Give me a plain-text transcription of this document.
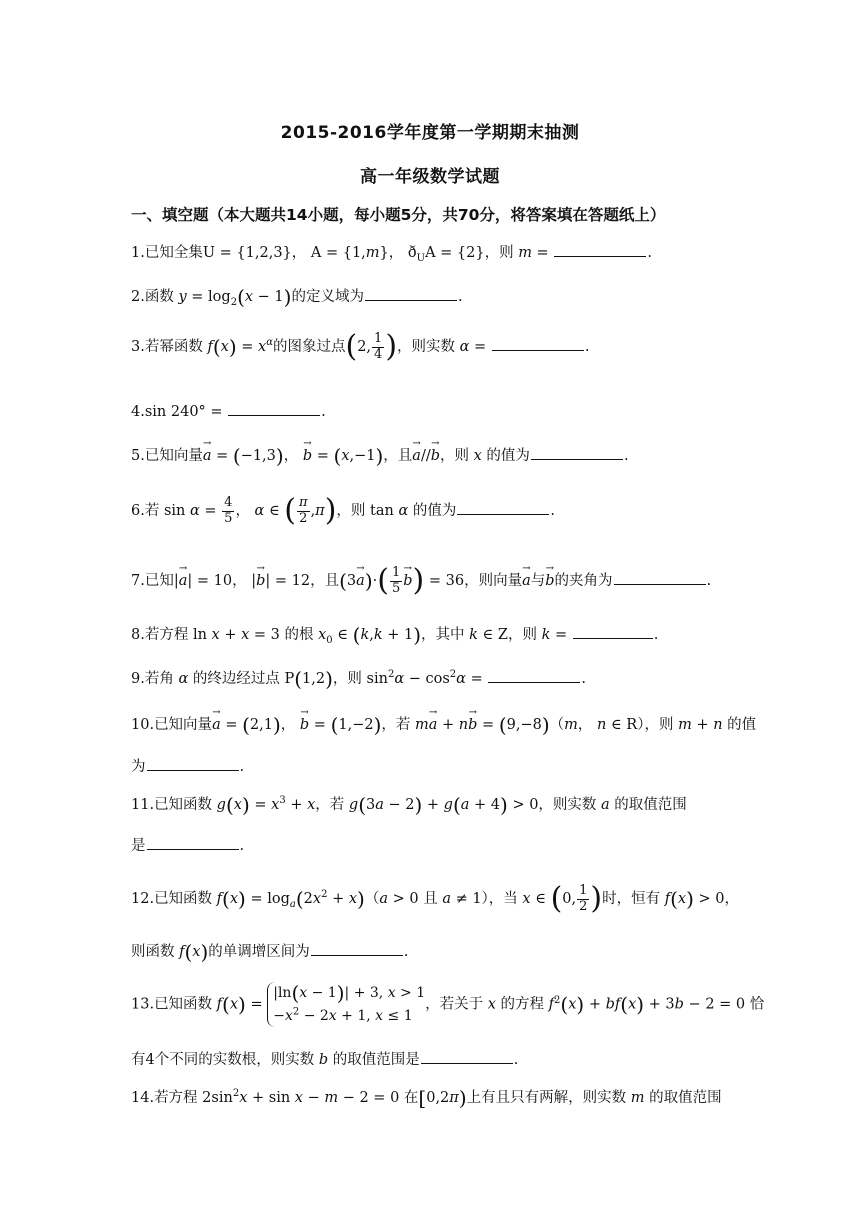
2015-2016学年度第一学期期末抽测
高一年级数学试题
一、填空题（本大题共14小题，每小题5分，共70分，将答案填在答题纸上）
1.已知全集U = {1,2,3}， A = {1,m}， $ð_UA = \{2\}$，则 m =	.
2.函数 $y = \log_2(x - 1)$的定义域为	.
3.若幂函数 $f(x) = x^\alpha$的图象过点(2, $\frac{1}{4}$ )，则实数 α =	.
4.sin 240° =	.
5.已知向量→ a = (−1,3)， → b = (x,−1)，且→ a//→ b，则 x 的值为	.
6.若 $\sin \alpha = \frac{4}{5}$ ， α ∈ ( $\frac{\pi}{2} ,\pi$)，则 tan α 的值为	.
7.已知|→ a| = 10， |→ b| = 12，且$(3\to a)\cdot( \frac{1}{5}$
→ b) = 36，则向量→ a与→ b的夹角为	.
8.若方程 ln x + x = 3 的根 $x_0$ ∈ (k,k + 1)，其中 k ∈ Z，则 k =	.
9.若角 α 的终边经过点 P(1,2)，则 $\sin^2\alpha - \cos^2\alpha$ =	.
10.已知向量→ a = (2,1)， → b = (1,−2)，若 m→ a + n→ b = (9,−8)（m， n ∈ R），则 m + n 的值
为	.
11.已知函数 $g(x) = x^3 + x$，若 g(3a − 2) + g(a + 4) > 0，则实数 a 的取值范围
是	.
12.已知函数 $f(x) = \log_a(2x^2 + x)(a > 0$ 且 a ≠ 1），当 x ∈ (0, $\frac{1}{2}$ )时，恒有 f(x) > 0，
则函数 f(x)的单调增区间为	.
13.已知函数 f(x) = |ln(x − 1)| + 3, x > 1
$-x^2 - 2x + 1$, x ≤ 1，若关于 x 的方程 $f^2(x) + bf(x) + 3b - 2 = 0$ 恰
有4个不同的实数根，则实数 b 的取值范围是	.
14.若方程 $2\sin^2x + \sin x - m - 2 = 0$ 在[0,2π)上有且只有两解，则实数 m 的取值范围
